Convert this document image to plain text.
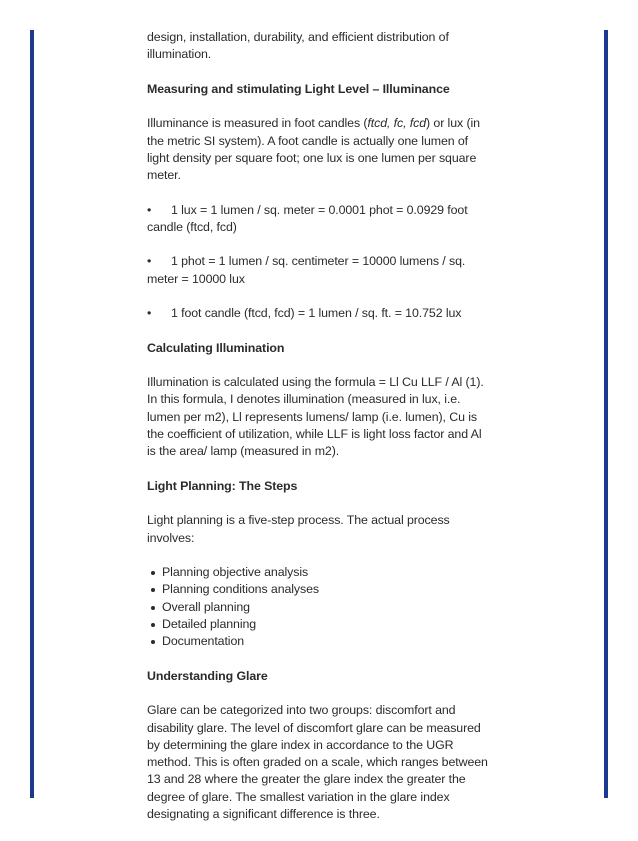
design, installation, durability, and efficient distribution of illumination.

Measuring and stimulating Light Level – Illuminance

Illuminance is measured in foot candles (ftcd, fc, fcd) or lux (in the metric SI system). A foot candle is actually one lumen of light density per square foot; one lux is one lumen per square meter.

• 1 lux = 1 lumen / sq. meter = 0.0001 phot = 0.0929 foot candle (ftcd, fcd)

• 1 phot = 1 lumen / sq. centimeter = 10000 lumens / sq. meter = 10000 lux

• 1 foot candle (ftcd, fcd) = 1 lumen / sq. ft. = 10.752 lux

Calculating Illumination

Illumination is calculated using the formula = Ll Cu LLF / Al (1). In this formula, I denotes illumination (measured in lux, i.e. lumen per m2), Ll represents lumens/ lamp (i.e. lumen), Cu is the coefficient of utilization, while LLF is light loss factor and Al is the area/ lamp (measured in m2).

Light Planning: The Steps

Light planning is a five-step process. The actual process involves:

Planning objective analysis
Planning conditions analyses
Overall planning
Detailed planning
Documentation
Understanding Glare

Glare can be categorized into two groups: discomfort and disability glare. The level of discomfort glare can be measured by determining the glare index in accordance to the UGR method. This is often graded on a scale, which ranges between 13 and 28 where the greater the glare index the greater the degree of glare. The smallest variation in the glare index designating a significant difference is three.
